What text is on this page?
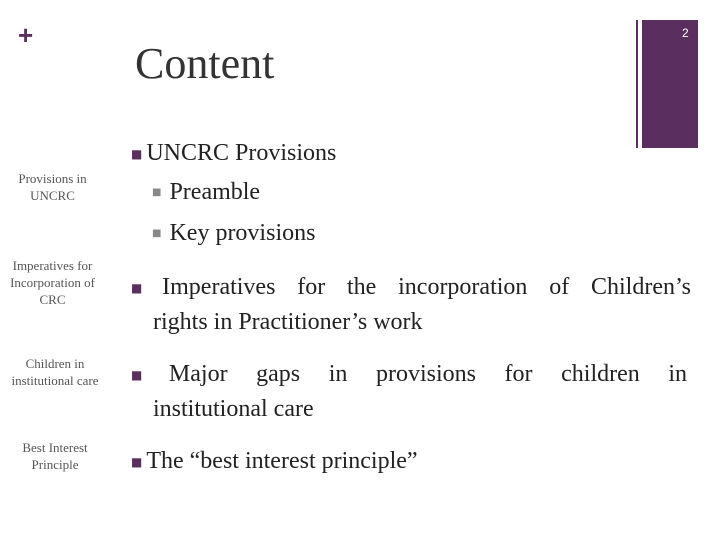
+	2
Content
Provisions in UNCRC
Imperatives for Incorporation of CRC
Children in institutional care
Best Interest Principle
■ UNCRC Provisions
■ Preamble
■ Key provisions
■ Imperatives for the incorporation of Children’s
rights in Practitioner’s work
■ Major gaps in provisions for children in
institutional care
■ The “best interest principle”
